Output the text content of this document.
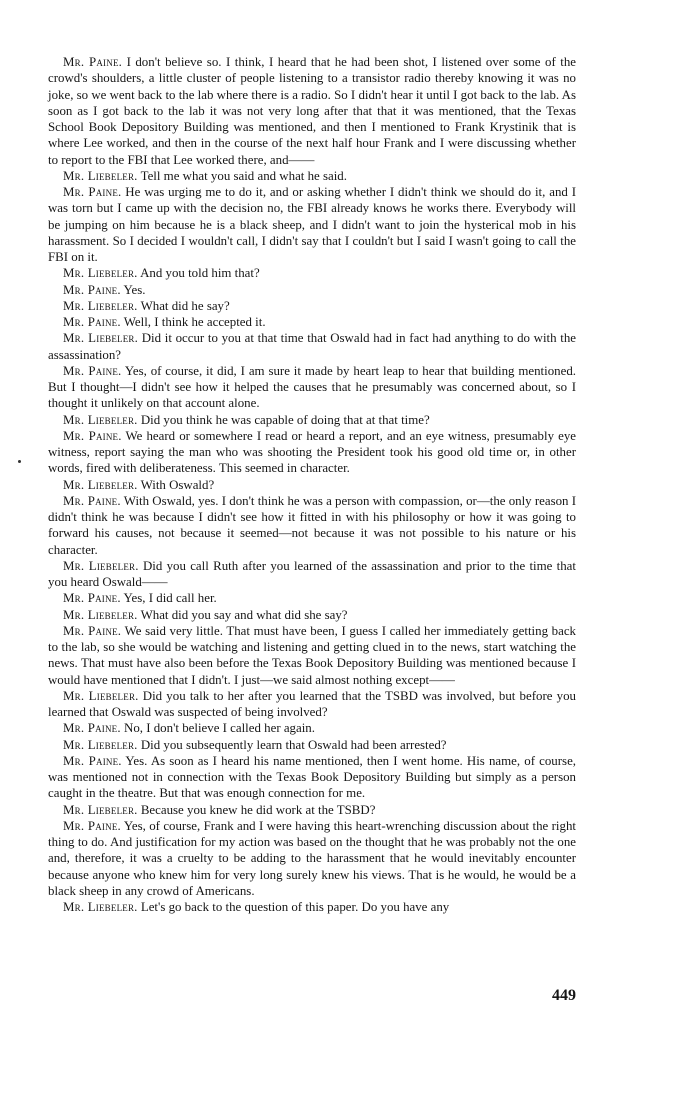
Mr. Paine. I don't believe so. I think, I heard that he had been shot, I listened over some of the crowd's shoulders, a little cluster of people listening to a transistor radio thereby knowing it was no joke, so we went back to the lab where there is a radio. So I didn't hear it until I got back to the lab. As soon as I got back to the lab it was not very long after that that it was mentioned, that the Texas School Book Depository Building was mentioned, and then I mentioned to Frank Krystinik that is where Lee worked, and then in the course of the next half hour Frank and I were discussing whether to report to the FBI that Lee worked there, and——

Mr. Liebeler. Tell me what you said and what he said.

Mr. Paine. He was urging me to do it, and or asking whether I didn't think we should do it, and I was torn but I came up with the decision no, the FBI already knows he works there. Everybody will be jumping on him because he is a black sheep, and I didn't want to join the hysterical mob in his harassment. So I decided I wouldn't call, I didn't say that I couldn't but I said I wasn't going to call the FBI on it.

Mr. Liebeler. And you told him that?

Mr. Paine. Yes.

Mr. Liebeler. What did he say?

Mr. Paine. Well, I think he accepted it.

Mr. Liebeler. Did it occur to you at that time that Oswald had in fact had anything to do with the assassination?

Mr. Paine. Yes, of course, it did, I am sure it made by heart leap to hear that building mentioned. But I thought—I didn't see how it helped the causes that he presumably was concerned about, so I thought it unlikely on that account alone.

Mr. Liebeler. Did you think he was capable of doing that at that time?

Mr. Paine. We heard or somewhere I read or heard a report, and an eye witness, presumably eye witness, report saying the man who was shooting the President took his good old time or, in other words, fired with deliberateness. This seemed in character.

Mr. Liebeler. With Oswald?

Mr. Paine. With Oswald, yes. I don't think he was a person with compassion, or—the only reason I didn't think he was because I didn't see how it fitted in with his philosophy or how it was going to forward his causes, not because it seemed—not because it was not possible to his nature or his character.

Mr. Liebeler. Did you call Ruth after you learned of the assassination and prior to the time that you heard Oswald——

Mr. Paine. Yes, I did call her.

Mr. Liebeler. What did you say and what did she say?

Mr. Paine. We said very little. That must have been, I guess I called her immediately getting back to the lab, so she would be watching and listening and getting clued in to the news, start watching the news. That must have also been before the Texas Book Depository Building was mentioned because I would have mentioned that I didn't. I just—we said almost nothing except——

Mr. Liebeler. Did you talk to her after you learned that the TSBD was involved, but before you learned that Oswald was suspected of being involved?

Mr. Paine. No, I don't believe I called her again.

Mr. Liebeler. Did you subsequently learn that Oswald had been arrested?

Mr. Paine. Yes. As soon as I heard his name mentioned, then I went home. His name, of course, was mentioned not in connection with the Texas Book Depository Building but simply as a person caught in the theatre. But that was enough connection for me.

Mr. Liebeler. Because you knew he did work at the TSBD?

Mr. Paine. Yes, of course, Frank and I were having this heart-wrenching discussion about the right thing to do. And justification for my action was based on the thought that he was probably not the one and, therefore, it was a cruelty to be adding to the harassment that he would inevitably encounter because anyone who knew him for very long surely knew his views. That is he would, he would be a black sheep in any crowd of Americans.

Mr. Liebeler. Let's go back to the question of this paper. Do you have any

449
